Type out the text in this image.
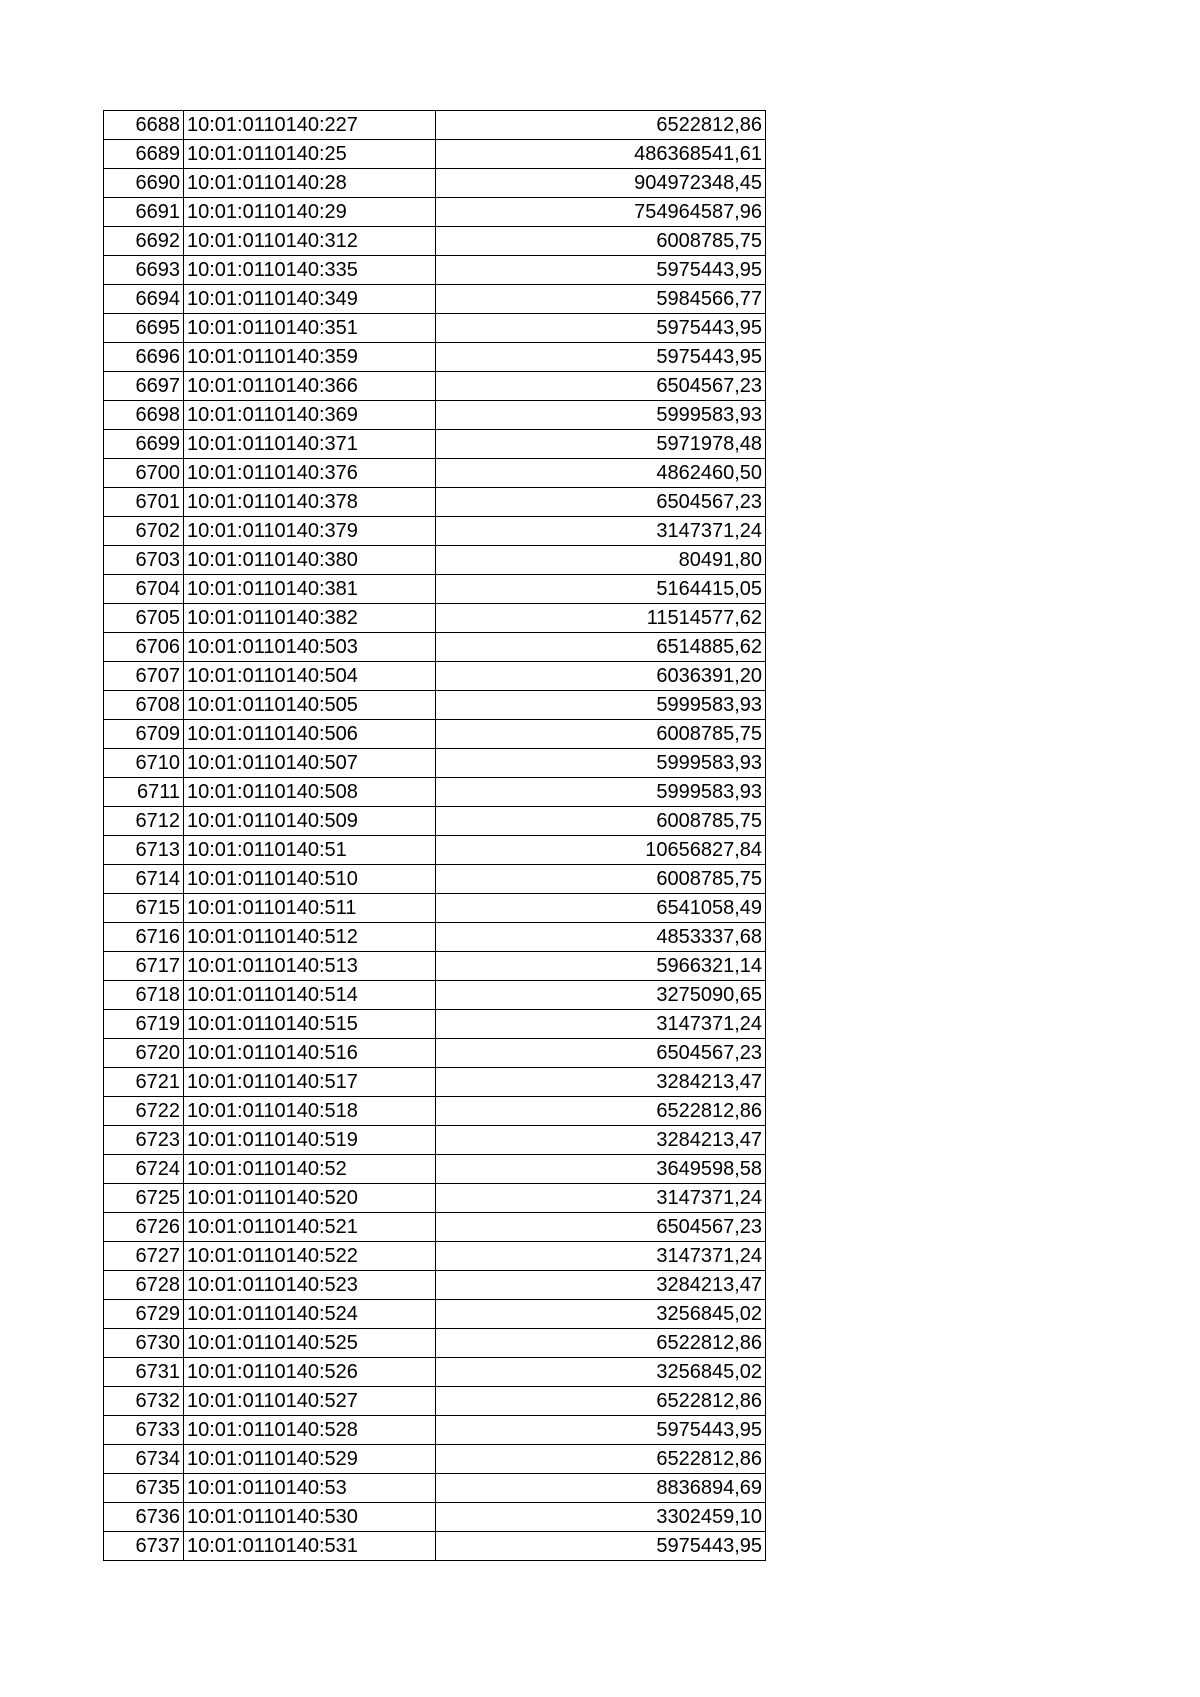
6688	10:01:0110140:227	6522812,86
6689	10:01:0110140:25	486368541,61
6690	10:01:0110140:28	904972348,45
6691	10:01:0110140:29	754964587,96
6692	10:01:0110140:312	6008785,75
6693	10:01:0110140:335	5975443,95
6694	10:01:0110140:349	5984566,77
6695	10:01:0110140:351	5975443,95
6696	10:01:0110140:359	5975443,95
6697	10:01:0110140:366	6504567,23
6698	10:01:0110140:369	5999583,93
6699	10:01:0110140:371	5971978,48
6700	10:01:0110140:376	4862460,50
6701	10:01:0110140:378	6504567,23
6702	10:01:0110140:379	3147371,24
6703	10:01:0110140:380	80491,80
6704	10:01:0110140:381	5164415,05
6705	10:01:0110140:382	11514577,62
6706	10:01:0110140:503	6514885,62
6707	10:01:0110140:504	6036391,20
6708	10:01:0110140:505	5999583,93
6709	10:01:0110140:506	6008785,75
6710	10:01:0110140:507	5999583,93
6711	10:01:0110140:508	5999583,93
6712	10:01:0110140:509	6008785,75
6713	10:01:0110140:51	10656827,84
6714	10:01:0110140:510	6008785,75
6715	10:01:0110140:511	6541058,49
6716	10:01:0110140:512	4853337,68
6717	10:01:0110140:513	5966321,14
6718	10:01:0110140:514	3275090,65
6719	10:01:0110140:515	3147371,24
6720	10:01:0110140:516	6504567,23
6721	10:01:0110140:517	3284213,47
6722	10:01:0110140:518	6522812,86
6723	10:01:0110140:519	3284213,47
6724	10:01:0110140:52	3649598,58
6725	10:01:0110140:520	3147371,24
6726	10:01:0110140:521	6504567,23
6727	10:01:0110140:522	3147371,24
6728	10:01:0110140:523	3284213,47
6729	10:01:0110140:524	3256845,02
6730	10:01:0110140:525	6522812,86
6731	10:01:0110140:526	3256845,02
6732	10:01:0110140:527	6522812,86
6733	10:01:0110140:528	5975443,95
6734	10:01:0110140:529	6522812,86
6735	10:01:0110140:53	8836894,69
6736	10:01:0110140:530	3302459,10
6737	10:01:0110140:531	5975443,95
